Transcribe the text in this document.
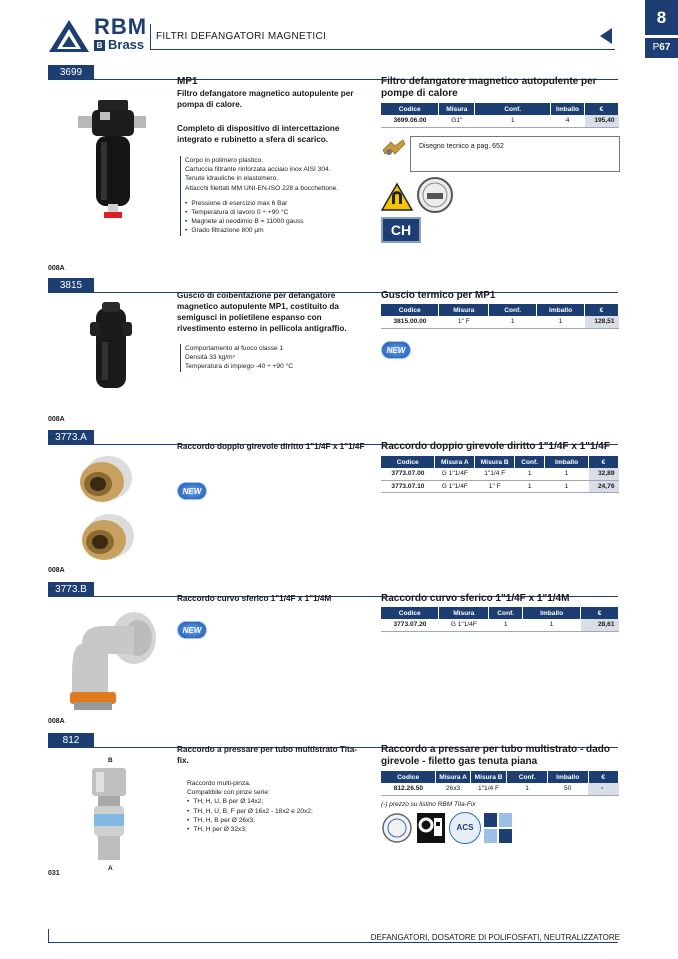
RBM
B Brass
FILTRI DEFANGATORI MAGNETICI
8
P67
3699
MP1
Filtro defangatore magnetico autopulente per pompa di calore.
Completo di dispositivo di intercettazione integrato e rubinetto a sfera di scarico.
Corpo in polimero plastico.
Cartuccia filtrante rinforzata acciaio inox AISI 304.
Tenute idrauliche in elastomero.
Attacchi filettati MM UNI-EN-ISO 228 a bocchettone.
• Pressione di esercizio max 6 Bar
• Temperatura di lavoro 0 ÷ +90 °C
• Magnete al neodimio B = 11000 gauss
• Grado filtrazione 800 μm
Filtro defangatore magnetico autopulente per pompe di calore
Codice	Misura	Conf.	Imballo	€
3699.06.00	G1"	1	4	195,40
Disegno tecnico a pag. 652
CH
008A
3815
Guscio di coibentazione per defangatore magnetico autopulente MP1, costituito da semigusci in polietilene espanso con rivestimento esterno in pellicola antigraffio.
Comportamento al fuoco classe 1
Densità 33 kg/m³
Temperatura di impiego -40 ÷ +90 °C
Guscio termico per MP1
Codice	Misura	Conf.	Imballo	€
3815.00.00	1" F	1	1	128,51
NEW
008A
3773.A
Raccordo doppio girevole diritto 1"1/4F x 1"1/4F
NEW
Raccordo doppio girevole diritto 1"1/4F x 1"1/4F
Codice	Misura A	Misura B	Conf.	Imballo	€
3773.07.00	G 1"1/4F	1"1/4 F	1	1	32,89
3773.07.10	G 1"1/4F	1" F	1	1	24,76
008A
3773.B
Raccordo curvo sferico 1"1/4F x 1"1/4M
NEW
Raccordo curvo sferico 1"1/4F x 1"1/4M
Codice	Misura	Conf.	Imballo	€
3773.07.20	G 1"1/4F	1	1	28,61
008A
812
B
A
Raccordo a pressare per tubo multistrato Tita-fix.
Raccordo multi-pinza.
Compatibile con pinze serie:
• TH, H, U, B per Ø 14x2;
• TH, H, U, B, F per Ø 16x2 - 18x2 e 20x2;
• TH, H, B per Ø 26x3;
• TH, H per Ø 32x3;
Raccordo a pressare per tubo multistrato - dado girevole - filetto gas tenuta piana
Codice	Misura A	Misura B	Conf.	Imballo	€
812.26.50	26x3	1"1/4 F	1	50	-
(-) prezzo su listino RBM Tita-Fix
ACS
031
DEFANGATORI, DOSATORE DI POLIFOSFATI, NEUTRALIZZATORE
